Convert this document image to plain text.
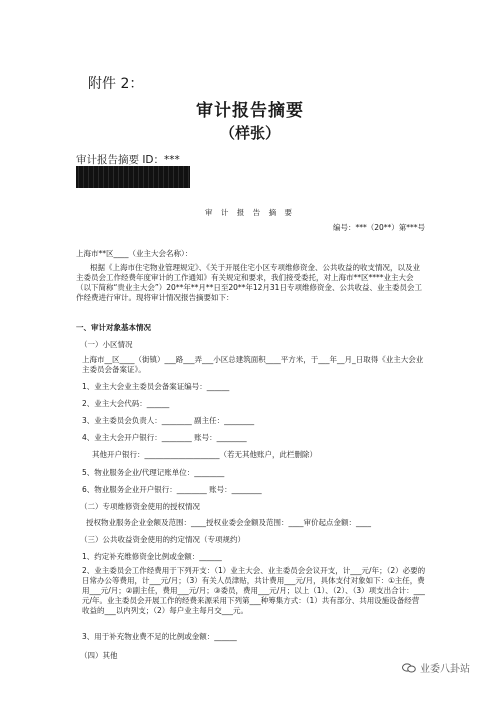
附件 2：
审计报告摘要
（样张）
审计报告摘要 ID：***
审 计 报 告 摘 要
编号：***（20**）第***号
上海市**区____（业主大会名称）：
根据《上海市住宅物业管理规定》、《关于开展住宅小区专项维修资金、公共收益的收支情况，以及业主委员会工作经费年度审计的工作通知》有关规定和要求，我们接受委托，对上海市**区****业主大会（以下简称“贵业主大会”）20**年**月**日至20**年12月31日专项维修资金、公共收益、业主委员会工作经费进行审计。现将审计情况报告摘要如下：
一、审计对象基本情况
（一）小区情况
上海市__区____（街镇）___路___弄___小区总建筑面积____平方米，于___年__月_日取得《业主大会业主委员会备案证》。
1、业主大会业主委员会备案证编号：______
2、业主大会代码：______
3、业主委员会负责人：________ 副主任：________
4、业主大会开户银行：________ 账号：________
其他开户银行：____________________（若无其他账户，此栏删除）
5、物业服务企业/代理记账单位：________
6、物业服务企业开户银行：________ 账号：________
（二）专项维修资金使用的授权情况
授权物业服务企业金额及范围：____授权业委会金额及范围：____审价起点金额：____
（三）公共收益资金使用的约定情况（专项规约）
1、约定补充维修资金比例或金额：______
2、业主委员会工作经费用于下列开支：（1）业主大会、业主委员会会议开支，计___元/年；（2）必要的日常办公等费用，计___元/月；（3）有关人员津贴，共计费用___元/月，具体支付对象如下：①主任，费用___元/月；②副主任，费用___元/月；③委员，费用___元/月；以上（1）、（2）、（3）项支出合计：___元/年。业主委员会开展工作的经费来源采用下列第___种筹集方式：（1）共有部分、共用设施设备经营收益的___以内列支；（2）每户业主每月交___元。
3、用于补充物业费不足的比例或金额：______
（四）其他
业委八卦站
